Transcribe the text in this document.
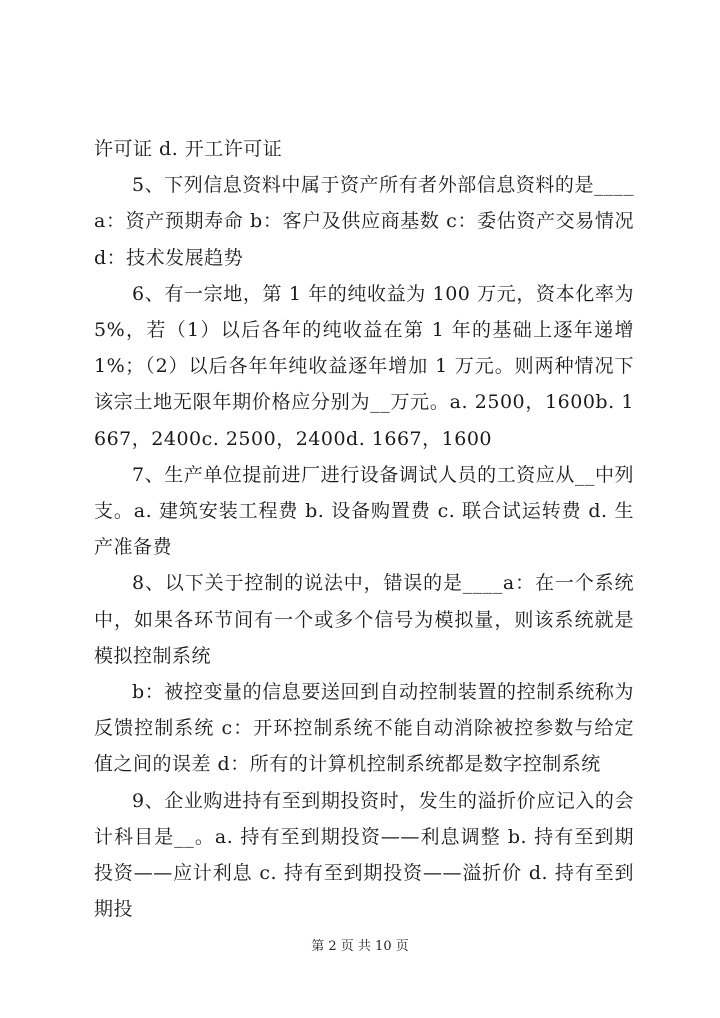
许可证 d. 开工许可证

5、下列信息资料中属于资产所有者外部信息资料的是____a：资产预期寿命 b：客户及供应商基数 c：委估资产交易情况 d：技术发展趋势

6、有一宗地，第 1 年的纯收益为 100 万元，资本化率为 5%，若（1）以后各年的纯收益在第 1 年的基础上逐年递增 1%；（2）以后各年年纯收益逐年增加 1 万元。则两种情况下该宗土地无限年期价格应分别为__万元。a. 2500，1600b. 1667，2400c. 2500，2400d. 1667，1600

7、生产单位提前进厂进行设备调试人员的工资应从__中列支。a. 建筑安装工程费 b. 设备购置费 c. 联合试运转费 d. 生产准备费

8、以下关于控制的说法中，错误的是____a：在一个系统中，如果各环节间有一个或多个信号为模拟量，则该系统就是模拟控制系统

b：被控变量的信息要送回到自动控制装置的控制系统称为反馈控制系统 c：开环控制系统不能自动消除被控参数与给定值之间的误差 d：所有的计算机控制系统都是数字控制系统

9、企业购进持有至到期投资时，发生的溢折价应记入的会计科目是__。a. 持有至到期投资——利息调整 b. 持有至到期投资——应计利息 c. 持有至到期投资——溢折价 d. 持有至到期投

第 2 页 共 10 页
